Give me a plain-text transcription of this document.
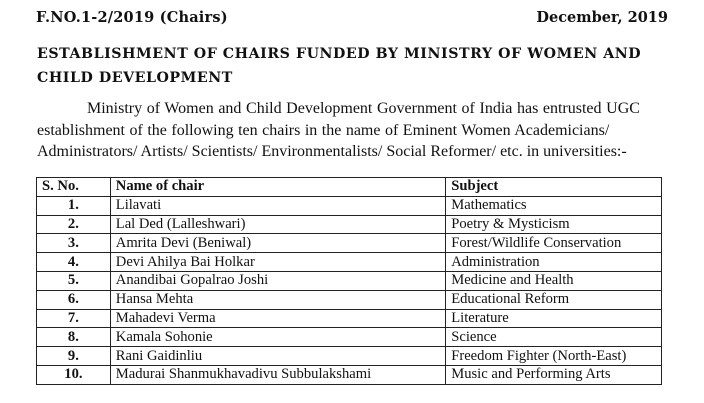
F.NO.1-2/2019 (Chairs)	December, 2019
ESTABLISHMENT OF CHAIRS FUNDED BY MINISTRY OF WOMEN AND
CHILD DEVELOPMENT

Ministry of Women and Child Development Government of India has entrusted UGC
establishment of the following ten chairs in the name of Eminent Women Academicians/
Administrators/ Artists/ Scientists/ Environmentalists/ Social Reformer/ etc. in universities:-

S. No.	Name of chair	Subject
1.	Lilavati	Mathematics
2.	Lal Ded (Lalleshwari)	Poetry & Mysticism
3.	Amrita Devi (Beniwal)	Forest/Wildlife Conservation
4.	Devi Ahilya Bai Holkar	Administration
5.	Anandibai Gopalrao Joshi	Medicine and Health
6.	Hansa Mehta	Educational Reform
7.	Mahadevi Verma	Literature
8.	Kamala Sohonie	Science
9.	Rani Gaidinliu	Freedom Fighter (North-East)
10.	Madurai Shanmukhavadivu Subbulakshami	Music and Performing Arts
